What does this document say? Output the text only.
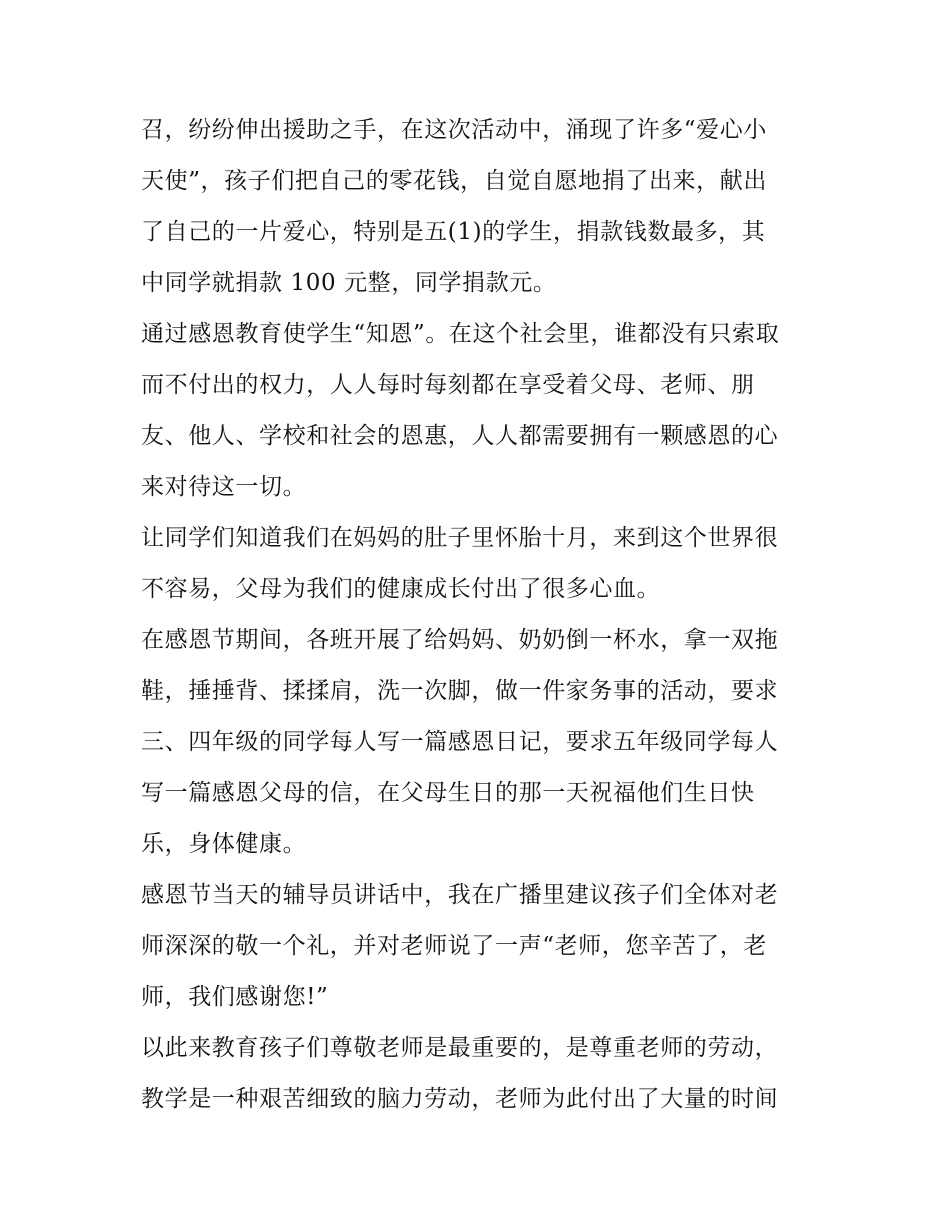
召，纷纷伸出援助之手，在这次活动中，涌现了许多“爱心小
天使”，孩子们把自己的零花钱，自觉自愿地捐了出来，献出
了自己的一片爱心，特别是五(1)的学生，捐款钱数最多，其
中同学就捐款 100 元整，同学捐款元。
通过感恩教育使学生“知恩”。在这个社会里，谁都没有只索取
而不付出的权力，人人每时每刻都在享受着父母、老师、朋
友、他人、学校和社会的恩惠，人人都需要拥有一颗感恩的心
来对待这一切。
让同学们知道我们在妈妈的肚子里怀胎十月，来到这个世界很
不容易，父母为我们的健康成长付出了很多心血。
在感恩节期间，各班开展了给妈妈、奶奶倒一杯水，拿一双拖
鞋，捶捶背、揉揉肩，洗一次脚，做一件家务事的活动，要求
三、四年级的同学每人写一篇感恩日记，要求五年级同学每人
写一篇感恩父母的信，在父母生日的那一天祝福他们生日快
乐，身体健康。
感恩节当天的辅导员讲话中，我在广播里建议孩子们全体对老
师深深的敬一个礼，并对老师说了一声“老师，您辛苦了，老
师，我们感谢您!”
以此来教育孩子们尊敬老师是最重要的，是尊重老师的劳动，
教学是一种艰苦细致的脑力劳动，老师为此付出了大量的时间
